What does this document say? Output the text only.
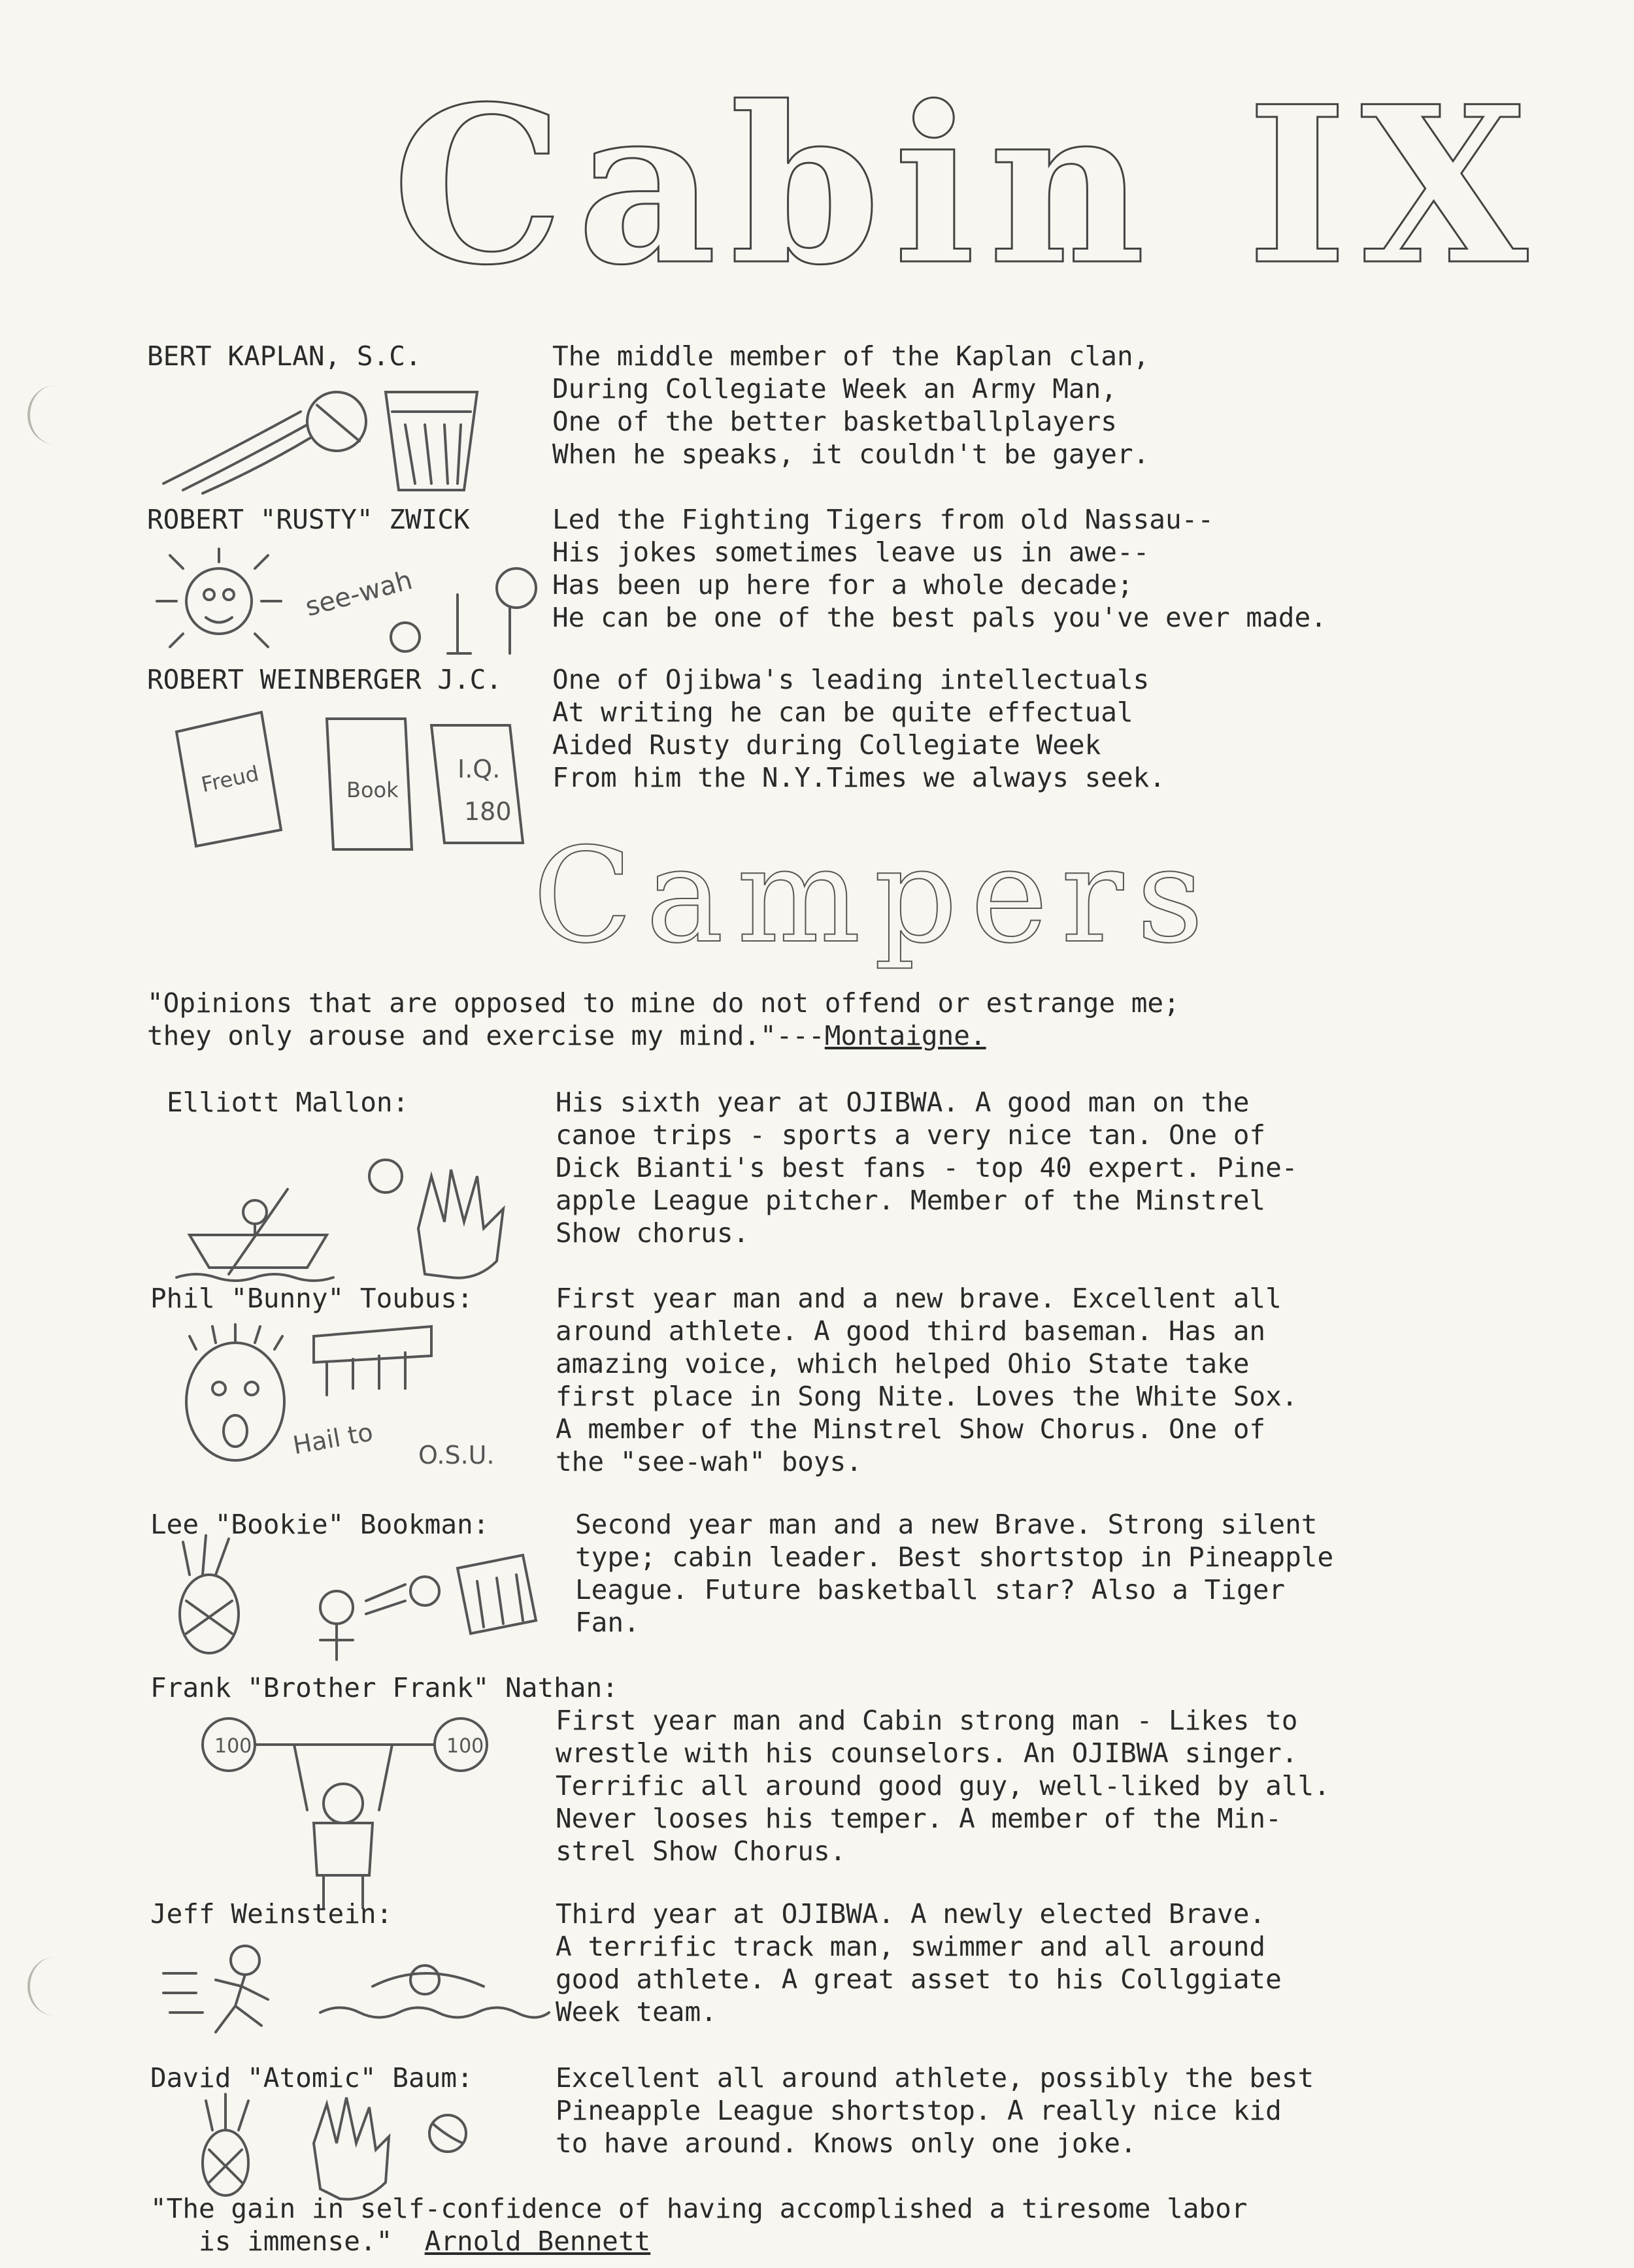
Cabin IX
BERT KAPLAN, S.C.	The middle member of the Kaplan clan,
During Collegiate Week an Army Man,
One of the better basketballplayers
When he speaks, it couldn't be gayer.
ROBERT "RUSTY" ZWICK	Led the Fighting Tigers from old Nassau--
His jokes sometimes leave us in awe--
Has been up here for a whole decade;
He can be one of the best pals you've ever made.
ROBERT WEINBERGER J.C. One of Ojibwa's leading intellectuals
At writing he can be quite effectual
Aided Rusty during Collegiate Week
From him the N.Y.Times we always seek.
see-wah
Freud	Book
I.Q.
180
Campers
"Opinions that are opposed to mine do not offend or estrange me;
they only arouse and exercise my mind."---Montaigne.
Elliott Mallon:	His sixth year at OJIBWA. A good man on the
canoe trips - sports a very nice tan. One of
Dick Bianti's best fans - top 40 expert. Pine-
apple League pitcher. Member of the Minstrel
Show chorus.
Phil "Bunny" Toubus:	First year man and a new brave. Excellent all
around athlete. A good third baseman. Has an
amazing voice, which helped Ohio State take
first place in Song Nite. Loves the White Sox.
A member of the Minstrel Show Chorus. One of
the "see-wah" boys.
Hail to O.S.U.
Lee "Bookie" Bookman:	Second year man and a new Brave. Strong silent
type; cabin leader. Best shortstop in Pineapple
League. Future basketball star? Also a Tiger
Fan.
Frank "Brother Frank" Nathan:
First year man and Cabin strong man - Likes to
wrestle with his counselors. An OJIBWA singer.
Terrific all around good guy, well-liked by all.
Never looses his temper. A member of the Min-
strel Show Chorus.
100	100
Jeff Weinstein:	Third year at OJIBWA. A newly elected Brave.
A terrific track man, swimmer and all around
good athlete. A great asset to his Collggiate
Week team.
David "Atomic" Baum:	Excellent all around athlete, possibly the best
Pineapple League shortstop. A really nice kid
to have around. Knows only one joke.
"The gain in self-confidence of having accomplished a tiresome labor
is immense."  Arnold Bennett
